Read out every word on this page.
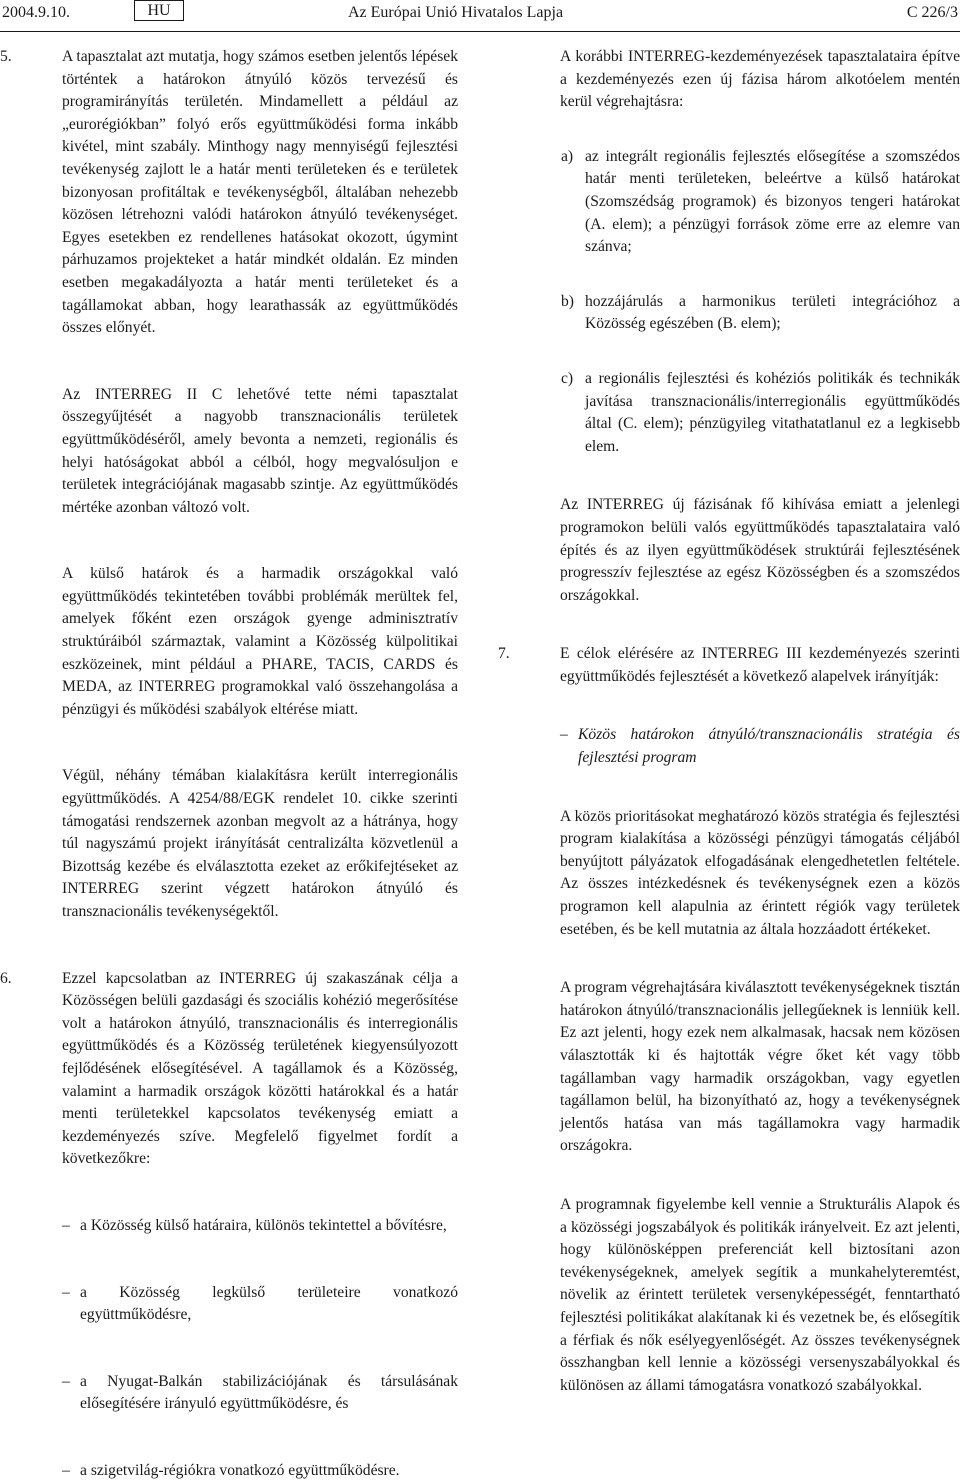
2004.9.10.	HU	Az Európai Unió Hivatalos Lapja	C 226/3
5.	A tapasztalat azt mutatja, hogy számos esetben jelentős lépések történtek a határokon átnyúló közös tervezésű és programirányítás területén. Mindamellett a például az „eurorégiókban” folyó erős együttműködési forma inkább kivétel, mint szabály. Minthogy nagy mennyiségű fejlesztési tevékenység zajlott le a határ menti területeken és e területek bizonyosan profitáltak e tevékenységből, általában nehezebb közösen létrehozni valódi határokon átnyúló tevékenységet. Egyes esetekben ez rendellenes hatásokat okozott, úgymint párhuzamos projekteket a határ mindkét oldalán. Ez minden esetben megakadályozta a határ menti területeket és a tagállamokat abban, hogy learathassák az együttműködés összes előnyét.
Az INTERREG II C lehetővé tette némi tapasztalat összegyűjtését a nagyobb transznacionális területek együttműködéséről, amely bevonta a nemzeti, regionális és helyi hatóságokat abból a célból, hogy megvalósuljon e területek integrációjának magasabb szintje. Az együttműködés mértéke azonban változó volt.
A külső határok és a harmadik országokkal való együttműködés tekintetében további problémák merültek fel, amelyek főként ezen országok gyenge adminisztratív struktúráiból származtak, valamint a Közösség külpolitikai eszközeinek, mint például a PHARE, TACIS, CARDS és MEDA, az INTERREG programokkal való összehangolása a pénzügyi és működési szabályok eltérése miatt.
Végül, néhány témában kialakításra került interregionális együttműködés. A 4254/88/EGK rendelet 10. cikke szerinti támogatási rendszernek azonban megvolt az a hátránya, hogy túl nagyszámú projekt irányítását centralizálta közvetlenül a Bizottság kezébe és elválasztotta ezeket az erőkifejtéseket az INTERREG szerint végzett határokon átnyúló és transznacionális tevékenységektől.
6.	Ezzel kapcsolatban az INTERREG új szakaszának célja a Közösségen belüli gazdasági és szociális kohézió megerősítése volt a határokon átnyúló, transznacionális és interregionális együttműködés és a Közösség területének kiegyensúlyozott fejlődésének elősegítésével. A tagállamok és a Közösség, valamint a harmadik országok közötti határokkal és a határ menti területekkel kapcsolatos tevékenység emiatt a kezdeményezés szíve. Megfelelő figyelmet fordít a következőkre:
– a Közösség külső határaira, különös tekintettel a bővítésre,
– a Közösség legkülső területeire vonatkozó együttműködésre,
– a Nyugat-Balkán stabilizációjának és társulásának elősegítésére irányuló együttműködésre, és
– a szigetvilág-régiókra vonatkozó együttműködésre.
A korábbi INTERREG-kezdeményezések tapasztalataira építve a kezdeményezés ezen új fázisa három alkotóelem mentén kerül végrehajtásra:
a) az integrált regionális fejlesztés elősegítése a szomszédos határ menti területeken, beleértve a külső határokat (Szomszédság programok) és bizonyos tengeri határokat (A. elem); a pénzügyi források zöme erre az elemre van szánva;
b) hozzájárulás a harmonikus területi integrációhoz a Közösség egészében (B. elem);
c) a regionális fejlesztési és kohéziós politikák és technikák javítása transznacionális/interregionális együttműködés által (C. elem); pénzügyileg vitathatatlanul ez a legkisebb elem.
Az INTERREG új fázisának fő kihívása emiatt a jelenlegi programokon belüli valós együttműködés tapasztalataira való építés és az ilyen együttműködések struktúrái fejlesztésének progresszív fejlesztése az egész Közösségben és a szomszédos országokkal.
7.	E célok elérésére az INTERREG III kezdeményezés szerinti együttműködés fejlesztését a következő alapelvek irányítják:
– Közös határokon átnyúló/transznacionális stratégia és fejlesztési program
A közös prioritásokat meghatározó közös stratégia és fejlesztési program kialakítása a közösségi pénzügyi támogatás céljából benyújtott pályázatok elfogadásának elengedhetetlen feltétele. Az összes intézkedésnek és tevékenységnek ezen a közös programon kell alapulnia az érintett régiók vagy területek esetében, és be kell mutatnia az általa hozzáadott értékeket.
A program végrehajtására kiválasztott tevékenységeknek tisztán határokon átnyúló/transznacionális jellegűeknek is lenniük kell. Ez azt jelenti, hogy ezek nem alkalmasak, hacsak nem közösen választották ki és hajtották végre őket két vagy több tagállamban vagy harmadik országokban, vagy egyetlen tagállamon belül, ha bizonyítható az, hogy a tevékenységnek jelentős hatása van más tagállamokra vagy harmadik országokra.
A programnak figyelembe kell vennie a Strukturális Alapok és a közösségi jogszabályok és politikák irányelveit. Ez azt jelenti, hogy különösképpen preferenciát kell biztosítani azon tevékenységeknek, amelyek segítik a munkahelyteremtést, növelik az érintett területek versenyképességét, fenntartható fejlesztési politikákat alakítanak ki és vezetnek be, és elősegítik a férfiak és nők esélyegyenlőségét. Az összes tevékenységnek összhangban kell lennie a közösségi versenyszabályokkal és különösen az állami támogatásra vonatkozó szabályokkal.
